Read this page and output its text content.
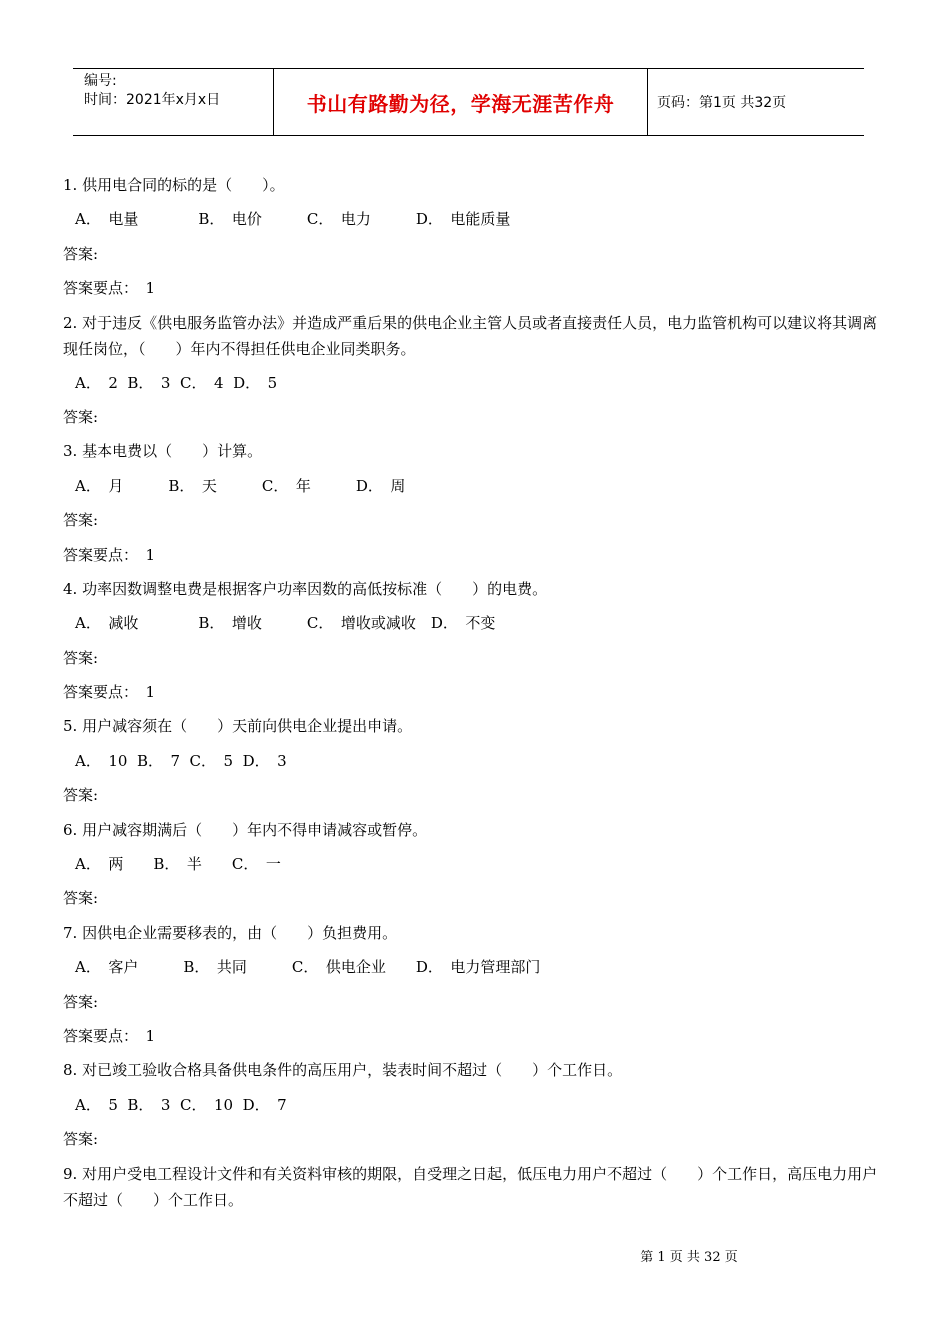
编号:
时间：2021年x月x日	书山有路勤为径，学海无涯苦作舟	页码：第1页 共32页
1. 供用电合同的标的是（　　）。
A．　电量　　　　B．　电价　　　C．　电力　　　D．　电能质量
答案:
答案要点：　1
2. 对于违反《供电服务监管办法》并造成严重后果的供电企业主管人员或者直接责任人员，电力监管机构可以建议将其调离现任岗位，（　　）年内不得担任供电企业同类职务。
A．　2  B．　3  C．　4  D．　5
答案:
3. 基本电费以（　　）计算。
A．　月　　　B．　天　　　C．　年　　　D．　周
答案:
答案要点：　1
4. 功率因数调整电费是根据客户功率因数的高低按标准（　　）的电费。
A．　减收　　　　B．　增收　　　C．　增收或减收　D．　不变
答案:
答案要点：　1
5. 用户减容须在（　　）天前向供电企业提出申请。
A．　10  B．　7  C．　5  D．　3
答案:
6. 用户减容期满后（　　）年内不得申请减容或暂停。
A．　两　　B．　半　　C．　一
答案:
7. 因供电企业需要移表的，由（　　）负担费用。
A．　客户　　　B．　共同　　　C．　供电企业　　D．　电力管理部门
答案:
答案要点：　1
8. 对已竣工验收合格具备供电条件的高压用户，装表时间不超过（　　）个工作日。
A．　5  B．　3  C．　10  D．　7
答案:
9. 对用户受电工程设计文件和有关资料审核的期限，自受理之日起，低压电力用户不超过（　　）个工作日，高压电力用户不超过（　　）个工作日。
第 1 页 共 32 页
